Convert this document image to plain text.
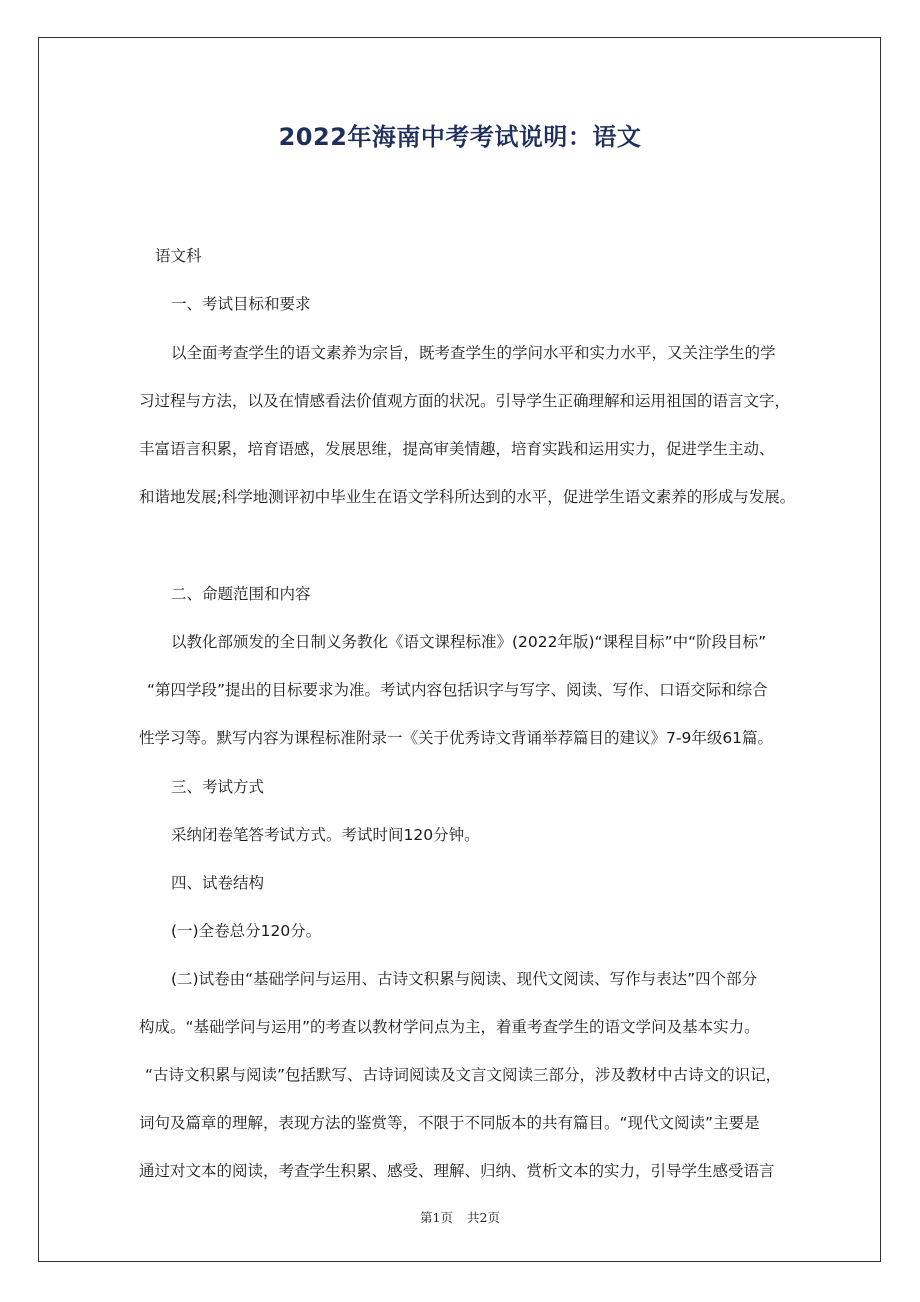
2022年海南中考考试说明：语文

语文科

一、考试目标和要求

以全面考查学生的语文素养为宗旨，既考查学生的学问水平和实力水平，又关注学生的学

习过程与方法，以及在情感看法价值观方面的状况。引导学生正确理解和运用祖国的语言文字，

丰富语言积累，培育语感，发展思维，提高审美情趣，培育实践和运用实力，促进学生主动、

和谐地发展;科学地测评初中毕业生在语文学科所达到的水平，促进学生语文素养的形成与发展。

二、命题范围和内容

以教化部颁发的全日制义务教化《语文课程标准》(2022年版)“课程目标”中“阶段目标”

“第四学段”提出的目标要求为准。考试内容包括识字与写字、阅读、写作、口语交际和综合

性学习等。默写内容为课程标准附录一《关于优秀诗文背诵举荐篇目的建议》7-9年级61篇。

三、考试方式

采纳闭卷笔答考试方式。考试时间120分钟。

四、试卷结构

(一)全卷总分120分。

(二)试卷由“基础学问与运用、古诗文积累与阅读、现代文阅读、写作与表达”四个部分

构成。“基础学问与运用”的考查以教材学问点为主，着重考查学生的语文学问及基本实力。

“古诗文积累与阅读”包括默写、古诗词阅读及文言文阅读三部分，涉及教材中古诗文的识记，

词句及篇章的理解，表现方法的鉴赏等，不限于不同版本的共有篇目。“现代文阅读”主要是

通过对文本的阅读，考查学生积累、感受、理解、归纳、赏析文本的实力，引导学生感受语言

第1页 共2页
